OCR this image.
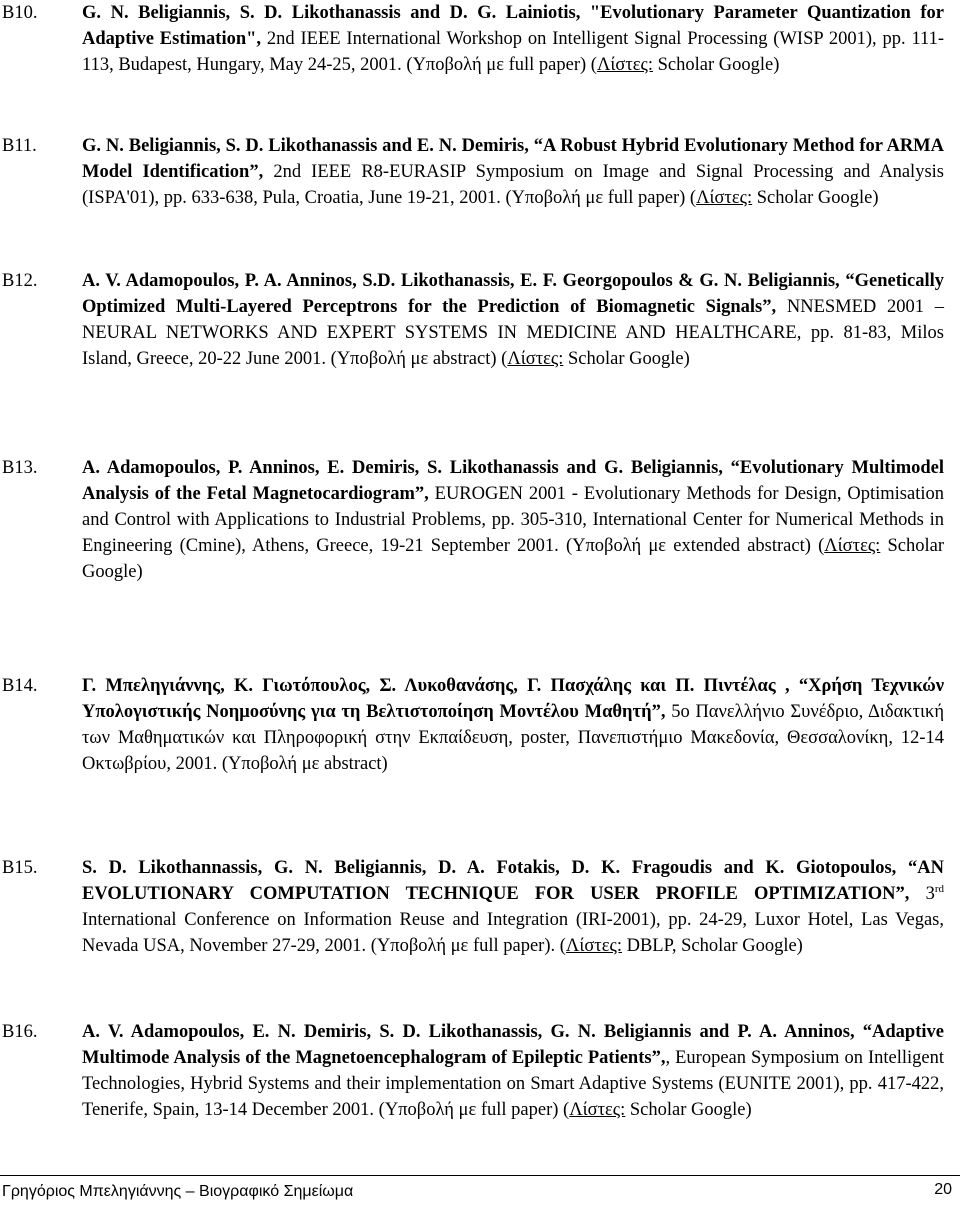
B10. G. N. Beligiannis, S. D. Likothanassis and D. G. Lainiotis, "Evolutionary Parameter Quantization for Adaptive Estimation", 2nd IEEE International Workshop on Intelligent Signal Processing (WISP 2001), pp. 111-113, Budapest, Hungary, May 24-25, 2001. (Υποβολή με full paper) (Λίστες: Scholar Google)
B11. G. N. Beligiannis, S. D. Likothanassis and E. N. Demiris, “A Robust Hybrid Evolutionary Method for ARMA Model Identification”, 2nd IEEE R8-EURASIP Symposium on Image and Signal Processing and Analysis (ISPA'01), pp. 633-638, Pula, Croatia, June 19-21, 2001. (Υποβολή με full paper) (Λίστες: Scholar Google)
B12. A. V. Adamopoulos, P. A. Anninos, S.D. Likothanassis, E. F. Georgopoulos & G. N. Beligiannis, “Genetically Optimized Multi-Layered Perceptrons for the Prediction of Biomagnetic Signals”, NNESMED 2001 – NEURAL NETWORKS AND EXPERT SYSTEMS IN MEDICINE AND HEALTHCARE, pp. 81-83, Milos Island, Greece, 20-22 June 2001. (Υποβολή με abstract) (Λίστες: Scholar Google)
B13. A. Adamopoulos, P. Anninos, E. Demiris, S. Likothanassis and G. Beligiannis, “Evolutionary Multimodel Analysis of the Fetal Magnetocardiogram”, EUROGEN 2001 - Evolutionary Methods for Design, Optimisation and Control with Applications to Industrial Problems, pp. 305-310, International Center for Numerical Methods in Engineering (Cmine), Athens, Greece, 19-21 September 2001. (Υποβολή με extended abstract) (Λίστες: Scholar Google)
B14. Γ. Μπεληγιάννης, Κ. Γιωτόπουλος, Σ. Λυκοθανάσης, Γ. Πασχάλης και Π. Πιντέλας , “Χρήση Τεχνικών Υπολογιστικής Νοημοσύνης για τη Βελτιστοποίηση Μοντέλου Μαθητή”, 5ο Πανελλήνιο Συνέδριο, Διδακτική των Μαθηματικών και Πληροφορική στην Εκπαίδευση, poster, Πανεπιστήμιο Μακεδονία, Θεσσαλονίκη, 12-14 Οκτωβρίου, 2001. (Υποβολή με abstract)
B15. S. D. Likothannassis, G. N. Beligiannis, D. A. Fotakis, D. K. Fragoudis and K. Giotopoulos, “AN EVOLUTIONARY COMPUTATION TECHNIQUE FOR USER PROFILE OPTIMIZATION”, 3rd International Conference on Information Reuse and Integration (IRI-2001), pp. 24-29, Luxor Hotel, Las Vegas, Nevada USA, November 27-29, 2001. (Υποβολή με full paper). (Λίστες: DBLP, Scholar Google)
B16. A. V. Adamopoulos, E. N. Demiris, S. D. Likothanassis, G. N. Beligiannis and P. A. Anninos, “Adaptive Multimode Analysis of the Magnetoencephalogram of Epileptic Patients”,, European Symposium on Intelligent Technologies, Hybrid Systems and their implementation on Smart Adaptive Systems (EUNITE 2001), pp. 417-422, Tenerife, Spain, 13-14 December 2001. (Υποβολή με full paper) (Λίστες: Scholar Google)
Γρηγόριος Μπεληγιάννης – Βιογραφικό Σημείωμα	20
